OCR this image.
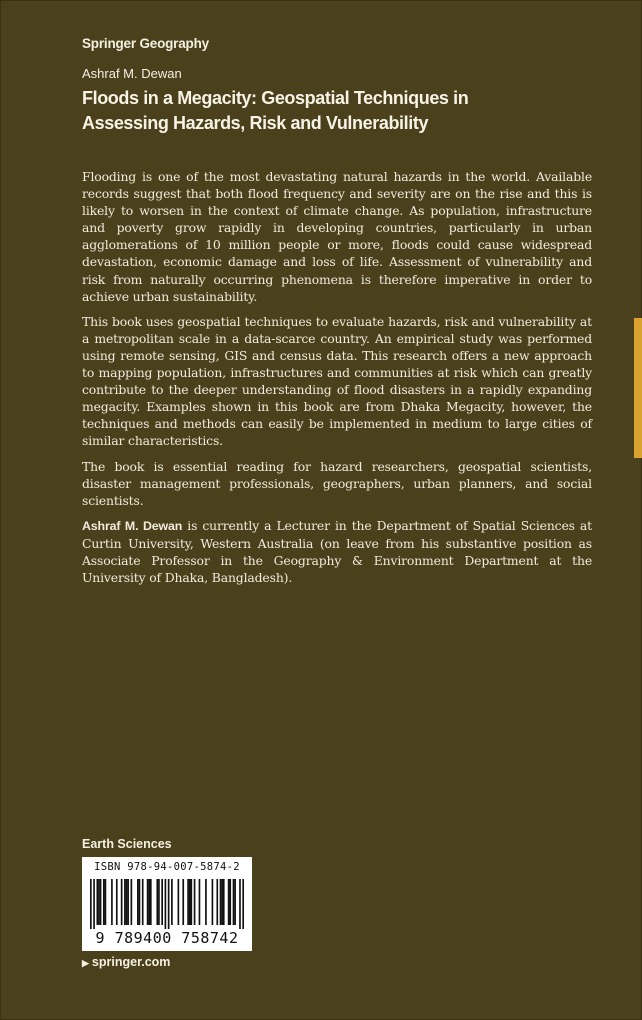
Springer Geography
Ashraf M. Dewan
Floods in a Megacity: Geospatial Techniques in Assessing Hazards, Risk and Vulnerability

Flooding is one of the most devastating natural hazards in the world. Available records suggest that both flood frequency and severity are on the rise and this is likely to worsen in the context of climate change. As population, infrastructure and poverty grow rapidly in developing countries, particularly in urban agglomerations of 10 million people or more, floods could cause widespread devastation, economic damage and loss of life. Assessment of vulnerability and risk from naturally occurring phenomena is therefore imperative in order to achieve urban sustainability.

This book uses geospatial techniques to evaluate hazards, risk and vulnerability at a metropolitan scale in a data-scarce country. An empirical study was performed using remote sensing, GIS and census data. This research offers a new approach to mapping population, infrastructures and communities at risk which can greatly contribute to the deeper understanding of flood disasters in a rapidly expanding megacity. Examples shown in this book are from Dhaka Megacity, however, the techniques and methods can easily be implemented in medium to large cities of similar characteristics.

The book is essential reading for hazard researchers, geospatial scientists, disaster management professionals, geographers, urban planners, and social scientists.

Ashraf M. Dewan is currently a Lecturer in the Department of Spatial Sciences at Curtin University, Western Australia (on leave from his substantive position as Associate Professor in the Geography & Environment Department at the University of Dhaka, Bangladesh).

Earth Sciences
ISBN 978-94-007-5874-2
9 789400 758742
▶ springer.com
